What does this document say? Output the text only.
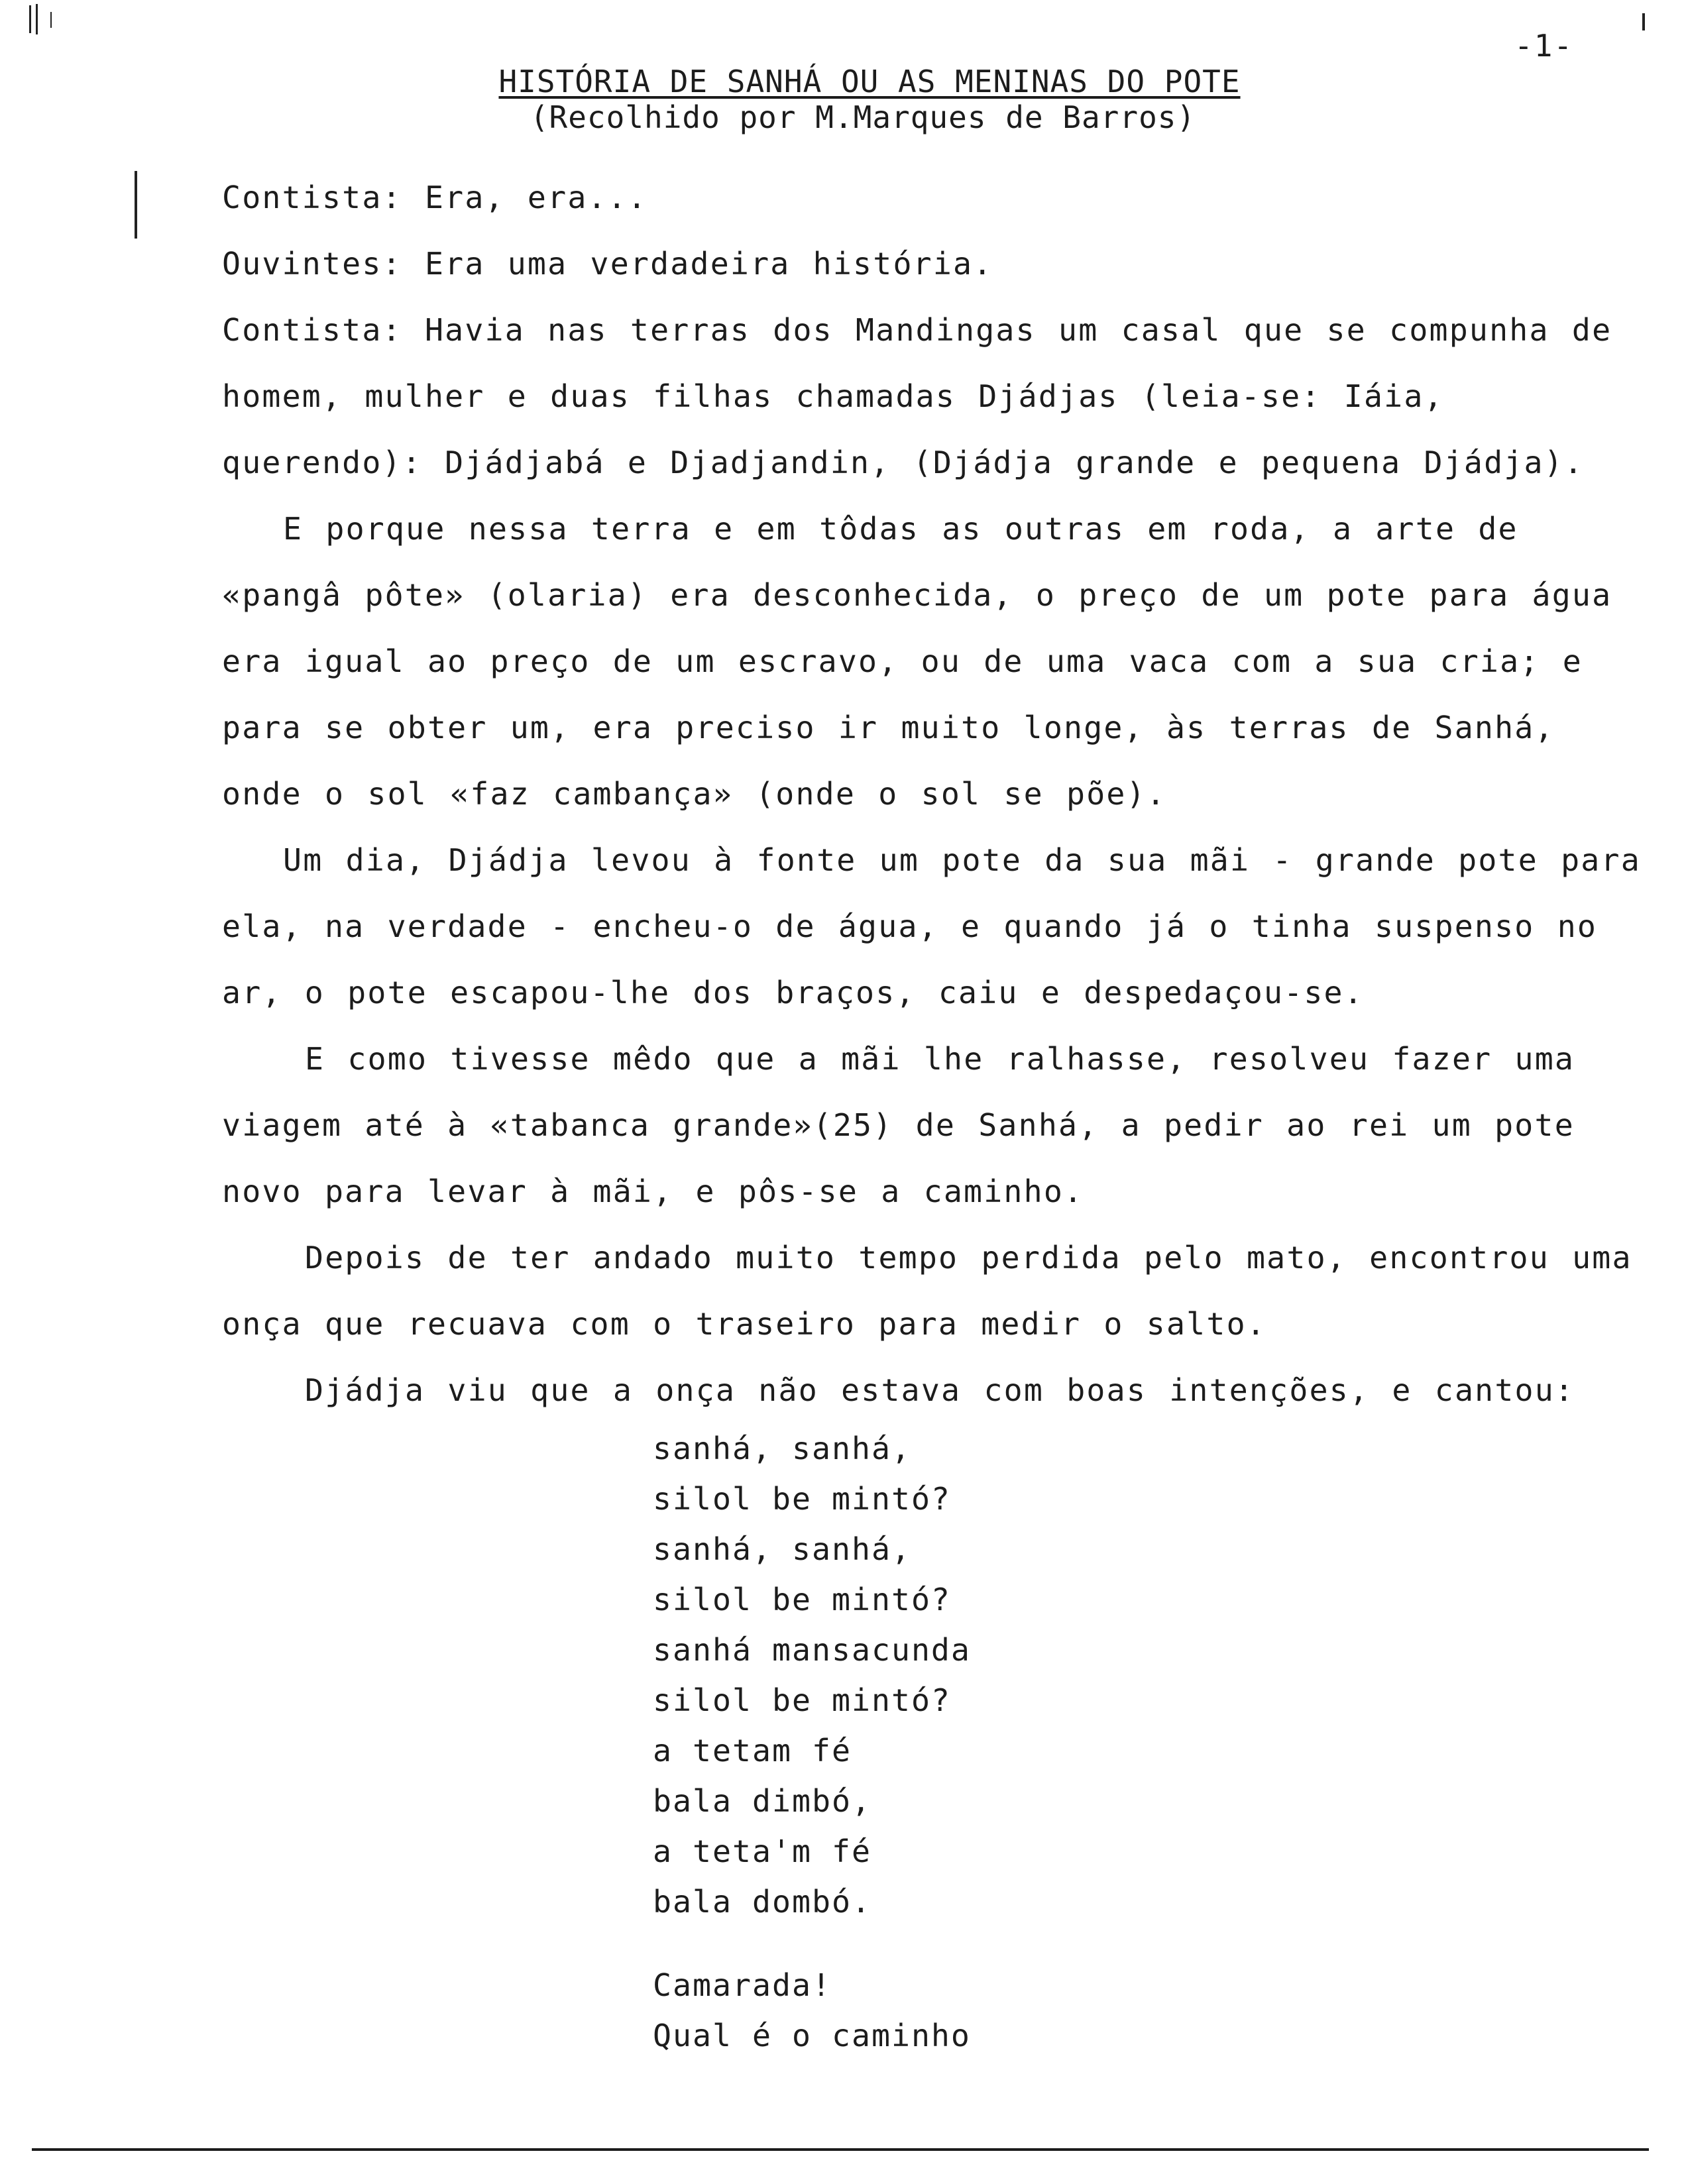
-1-
HISTÓRIA DE SANHÁ OU AS MENINAS DO POTE
(Recolhido por M.Marques de Barros)

Contista: Era, era...

Ouvintes: Era uma verdadeira história.

Contista: Havia nas terras dos Mandingas um casal que se compunha de homem, mulher e duas filhas chamadas Djádjas (leia-se: Iáia, querendo): Djádjabá e Djadjandin, (Djádja grande e pequena Djádja).

E porque nessa terra e em tôdas as outras em roda, a arte de «pangâ pôte» (olaria) era desconhecida, o preço de um pote para água era igual ao preço de um escravo, ou de uma vaca com a sua cria; e para se obter um, era preciso ir muito longe, às terras de Sanhá, onde o sol «faz cambança» (onde o sol se põe).

Um dia, Djádja levou à fonte um pote da sua mãi - grande pote para ela, na verdade - encheu-o de água, e quando já o tinha suspenso no ar, o pote escapou-lhe dos braços, caiu e despedaçou-se.

E como tivesse mêdo que a mãi lhe ralhasse, resolveu fazer uma viagem até à «tabanca grande»(25) de Sanhá, a pedir ao rei um pote novo para levar à mãi, e pôs-se a caminho.

Depois de ter andado muito tempo perdida pelo mato, encontrou uma onça que recuava com o traseiro para medir o salto.

Djádja viu que a onça não estava com boas intenções, e cantou:

sanhá, sanhá,
silol be mintó?
sanhá, sanhá,
silol be mintó?
sanhá mansacunda
silol be mintó?
a tetam fé
bala dimbó,
a teta'm fé
bala dombó.
Camarada!
Qual é o caminho
